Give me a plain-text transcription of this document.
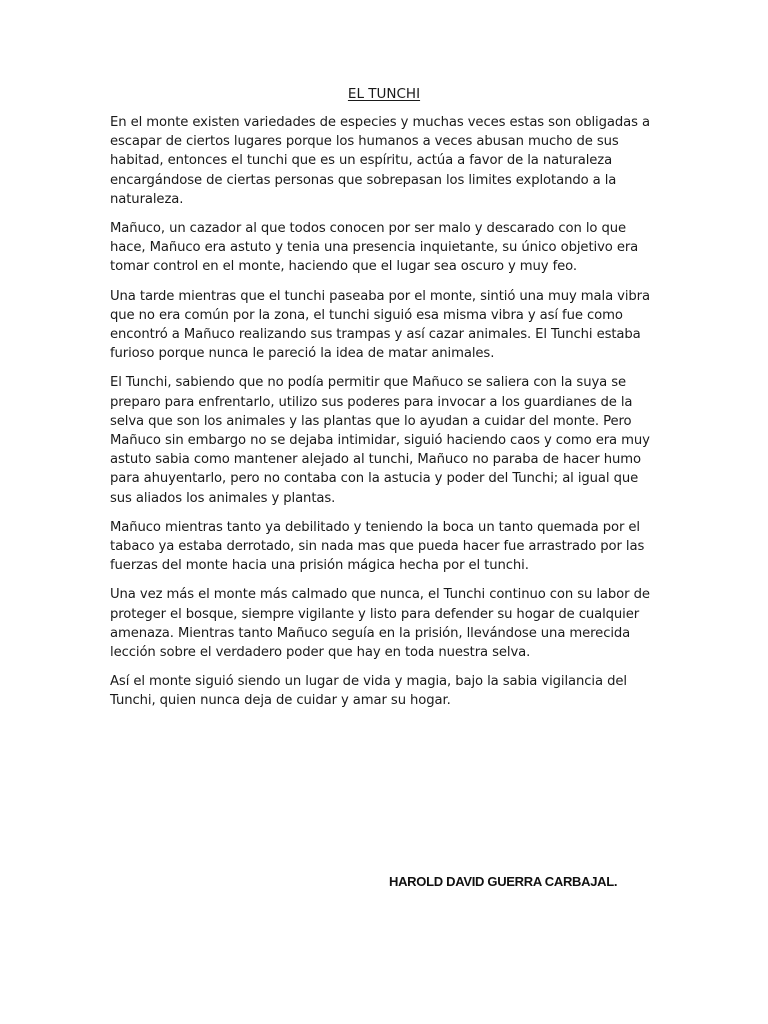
EL TUNCHI

En el monte existen variedades de especies y muchas veces estas son obligadas a escapar de ciertos lugares porque los humanos a veces abusan mucho de sus habitad, entonces el tunchi que es un espíritu, actúa a favor de la naturaleza encargándose de ciertas personas que sobrepasan los limites explotando a la naturaleza.

Mañuco, un cazador al que todos conocen por ser malo y descarado con lo que hace, Mañuco era astuto y tenia una presencia inquietante, su único objetivo era tomar control en el monte, haciendo que el lugar sea oscuro y muy feo.

Una tarde mientras que el tunchi paseaba por el monte, sintió una muy mala vibra que no era común por la zona, el tunchi siguió esa misma vibra y así fue como encontró a Mañuco realizando sus trampas y así cazar animales. El Tunchi estaba furioso porque nunca le pareció la idea de matar animales.

El Tunchi, sabiendo que no podía permitir que Mañuco se saliera con la suya se preparo para enfrentarlo, utilizo sus poderes para invocar a los guardianes de la selva que son los animales y las plantas que lo ayudan a cuidar del monte. Pero Mañuco sin embargo no se dejaba intimidar, siguió haciendo caos y como era muy astuto sabia como mantener alejado al tunchi, Mañuco no paraba de hacer humo para ahuyentarlo, pero no contaba con la astucia y poder del Tunchi; al igual que sus aliados los animales y plantas.

Mañuco mientras tanto ya debilitado y teniendo la boca un tanto quemada por el tabaco ya estaba derrotado, sin nada mas que pueda hacer fue arrastrado por las fuerzas del monte hacia una prisión mágica hecha por el tunchi.

Una vez más el monte más calmado que nunca, el Tunchi continuo con su labor de proteger el bosque, siempre vigilante y listo para defender su hogar de cualquier amenaza. Mientras tanto Mañuco seguía en la prisión, llevándose una merecida lección sobre el verdadero poder que hay en toda nuestra selva.

Así el monte siguió siendo un lugar de vida y magia, bajo la sabia vigilancia del Tunchi, quien nunca deja de cuidar y amar su hogar.

HAROLD DAVID GUERRA CARBAJAL.
